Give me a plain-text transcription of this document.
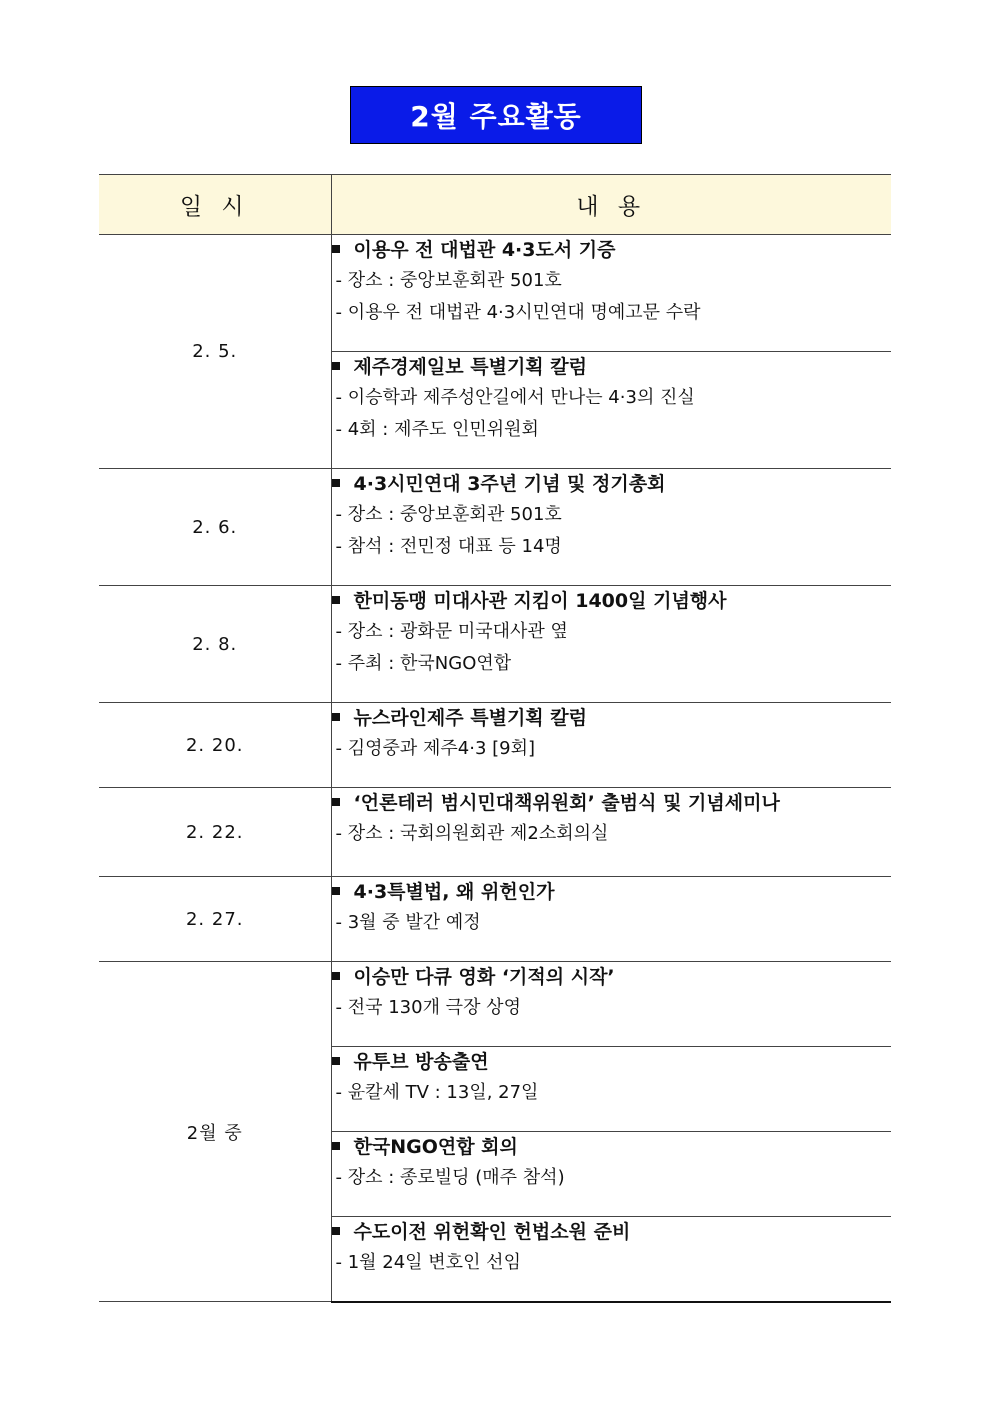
2월 주요활동
일 시	내 용
2. 5.	이용우 전 대법관 4·3도서 기증
- 장소 : 중앙보훈회관 501호
- 이용우 전 대법관 4·3시민연대 명예고문 수락

	제주경제일보 특별기획 칼럼
- 이승학과 제주성안길에서 만나는 4·3의 진실
- 4회 : 제주도 인민위원회

2. 6.	4·3시민연대 3주년 기념 및 정기총회
- 장소 : 중앙보훈회관 501호
- 참석 : 전민정 대표 등 14명

2. 8.	한미동맹 미대사관 지킴이 1400일 기념행사
- 장소 : 광화문 미국대사관 옆
- 주최 : 한국NGO연합

2. 20.	뉴스라인제주 특별기획 칼럼
- 김영중과 제주4·3 [9회]

2. 22.	‘언론테러 범시민대책위원회’ 출범식 및 기념세미나
- 장소 : 국회의원회관 제2소회의실

2. 27.	4·3특별법, 왜 위헌인가
- 3월 중 발간 예정

2월 중	이승만 다큐 영화 ‘기적의 시작’
- 전국 130개 극장 상영

	유투브 방송출연
- 윤칼세 TV : 13일, 27일

	한국NGO연합 회의
- 장소 : 종로빌딩 (매주 참석)

	수도이전 위헌확인 헌법소원 준비
- 1월 24일 변호인 선임
